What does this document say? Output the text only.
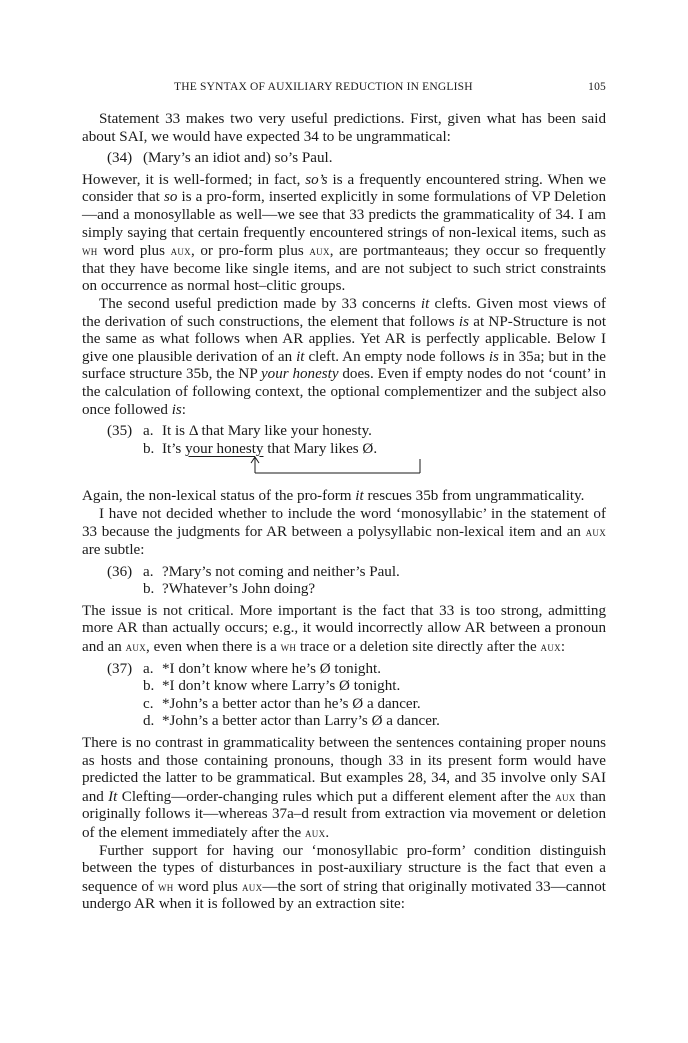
THE SYNTAX OF AUXILIARY REDUCTION IN ENGLISH	105

Statement 33 makes two very useful predictions. First, given what has been said about SAI, we would have expected 34 to be ungrammatical:

(34) (Mary’s an idiot and) so’s Paul.

However, it is well-formed; in fact, so’s is a frequently encountered string. When we consider that so is a pro-form, inserted explicitly in some formulations of VP Deletion—and a monosyllable as well—we see that 33 predicts the grammaticality of 34. I am simply saying that certain frequently encountered strings of non-lexical items, such as wh word plus aux, or pro-form plus aux, are portmanteaus; they occur so frequently that they have become like single items, and are not subject to such strict constraints on occurrence as normal host–clitic groups.

The second useful prediction made by 33 concerns it clefts. Given most views of the derivation of such constructions, the element that follows is at NP-Structure is not the same as what follows when AR applies. Yet AR is perfectly applicable. Below I give one plausible derivation of an it cleft. An empty node follows is in 35a; but in the surface structure 35b, the NP your honesty does. Even if empty nodes do not ‘count’ in the calculation of following context, the optional complementizer and the subject also once followed is:

(35) a. It is Δ that Mary like your honesty.
b. It’s your honesty that Mary likes Ø.

Again, the non-lexical status of the pro-form it rescues 35b from ungrammaticality.

I have not decided whether to include the word ‘monosyllabic’ in the statement of 33 because the judgments for AR between a polysyllabic non-lexical item and an aux are subtle:

(36) a. ?Mary’s not coming and neither’s Paul.
b. ?Whatever’s John doing?

The issue is not critical. More important is the fact that 33 is too strong, admitting more AR than actually occurs; e.g., it would incorrectly allow AR between a pronoun and an aux, even when there is a wh trace or a deletion site directly after the aux:

(37) a. *I don’t know where he’s Ø tonight.
b. *I don’t know where Larry’s Ø tonight.
c. *John’s a better actor than he’s Ø a dancer.
d. *John’s a better actor than Larry’s Ø a dancer.

There is no contrast in grammaticality between the sentences containing proper nouns as hosts and those containing pronouns, though 33 in its present form would have predicted the latter to be grammatical. But examples 28, 34, and 35 involve only SAI and It Clefting—order-changing rules which put a different element after the aux than originally follows it—whereas 37a–d result from extraction via movement or deletion of the element immediately after the aux.

Further support for having our ‘monosyllabic pro-form’ condition distinguish between the types of disturbances in post-auxiliary structure is the fact that even a sequence of wh word plus aux—the sort of string that originally motivated 33—cannot undergo AR when it is followed by an extraction site:
